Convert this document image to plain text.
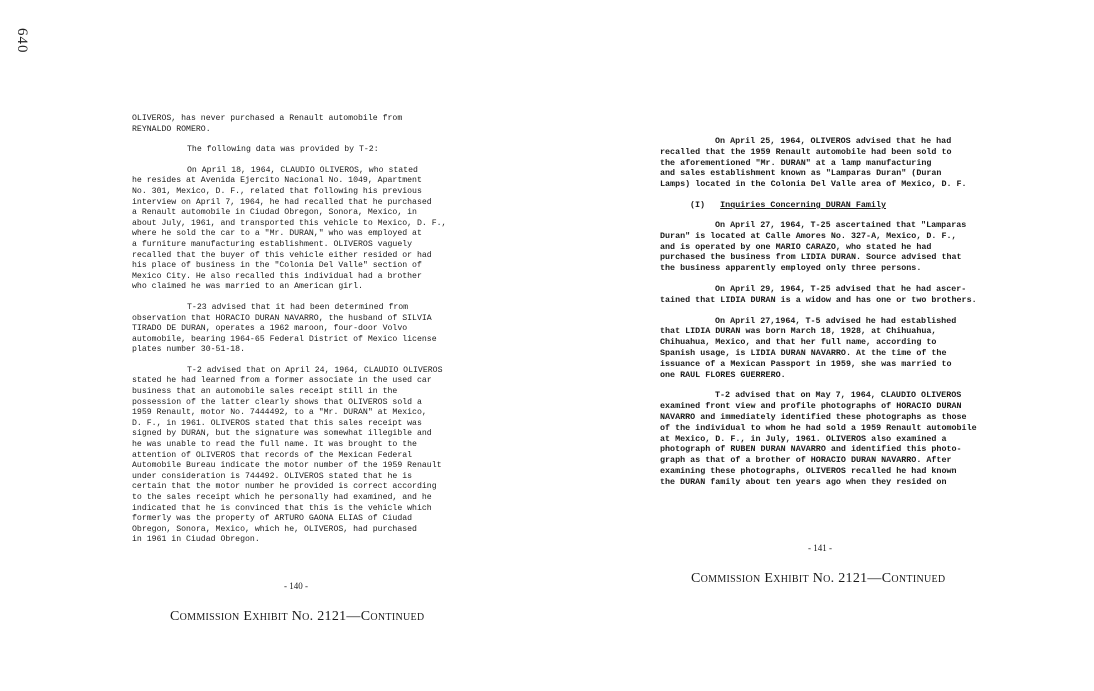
640

OLIVEROS, has never purchased a Renault automobile from
REYNALDO ROMERO.

The following data was provided by T-2:

On April 18, 1964, CLAUDIO OLIVEROS, who stated
he resides at Avenida Ejercito Nacional No. 1049, Apartment
No. 301, Mexico, D. F., related that following his previous
interview on April 7, 1964, he had recalled that he purchased
a Renault automobile in Ciudad Obregon, Sonora, Mexico, in
about July, 1961, and transported this vehicle to Mexico, D. F.,
where he sold the car to a "Mr. DURAN," who was employed at
a furniture manufacturing establishment. OLIVEROS vaguely
recalled that the buyer of this vehicle either resided or had
his place of business in the "Colonia Del Valle" section of
Mexico City. He also recalled this individual had a brother
who claimed he was married to an American girl.

T-23 advised that it had been determined from
observation that HORACIO DURAN NAVARRO, the husband of SILVIA
TIRADO DE DURAN, operates a 1962 maroon, four-door Volvo
automobile, bearing 1964-65 Federal District of Mexico license
plates number 30-51-18.

T-2 advised that on April 24, 1964, CLAUDIO OLIVEROS
stated he had learned from a former associate in the used car
business that an automobile sales receipt still in the
possession of the latter clearly shows that OLIVEROS sold a
1959 Renault, motor No. 7444492, to a "Mr. DURAN" at Mexico,
D. F., in 1961. OLIVEROS stated that this sales receipt was
signed by DURAN, but the signature was somewhat illegible and
he was unable to read the full name. It was brought to the
attention of OLIVEROS that records of the Mexican Federal
Automobile Bureau indicate the motor number of the 1959 Renault
under consideration is 744492. OLIVEROS stated that he is
certain that the motor number he provided is correct according
to the sales receipt which he personally had examined, and he
indicated that he is convinced that this is the vehicle which
formerly was the property of ARTURO GAONA ELIAS of Ciudad
Obregon, Sonora, Mexico, which he, OLIVEROS, had purchased
in 1961 in Ciudad Obregon.

- 140 -
Commission Exhibit No. 2121—Continued

On April 25, 1964, OLIVEROS advised that he had
recalled that the 1959 Renault automobile had been sold to
the aforementioned "Mr. DURAN" at a lamp manufacturing
and sales establishment known as "Lamparas Duran" (Duran
Lamps) located in the Colonia Del Valle area of Mexico, D. F.

(I) Inquiries Concerning DURAN Family

On April 27, 1964, T-25 ascertained that "Lamparas
Duran" is located at Calle Amores No. 327-A, Mexico, D. F.,
and is operated by one MARIO CARAZO, who stated he had
purchased the business from LIDIA DURAN. Source advised that
the business apparently employed only three persons.

On April 29, 1964, T-25 advised that he had ascer-
tained that LIDIA DURAN is a widow and has one or two brothers.

On April 27,1964, T-5 advised he had established
that LIDIA DURAN was born March 18, 1928, at Chihuahua,
Chihuahua, Mexico, and that her full name, according to
Spanish usage, is LIDIA DURAN NAVARRO. At the time of the
issuance of a Mexican Passport in 1959, she was married to
one RAUL FLORES GUERRERO.

T-2 advised that on May 7, 1964, CLAUDIO OLIVEROS
examined front view and profile photographs of HORACIO DURAN
NAVARRO and immediately identified these photographs as those
of the individual to whom he had sold a 1959 Renault automobile
at Mexico, D. F., in July, 1961. OLIVEROS also examined a
photograph of RUBEN DURAN NAVARRO and identified this photo-
graph as that of a brother of HORACIO DURAN NAVARRO. After
examining these photographs, OLIVEROS recalled he had known
the DURAN family about ten years ago when they resided on

- 141 -
Commission Exhibit No. 2121—Continued
